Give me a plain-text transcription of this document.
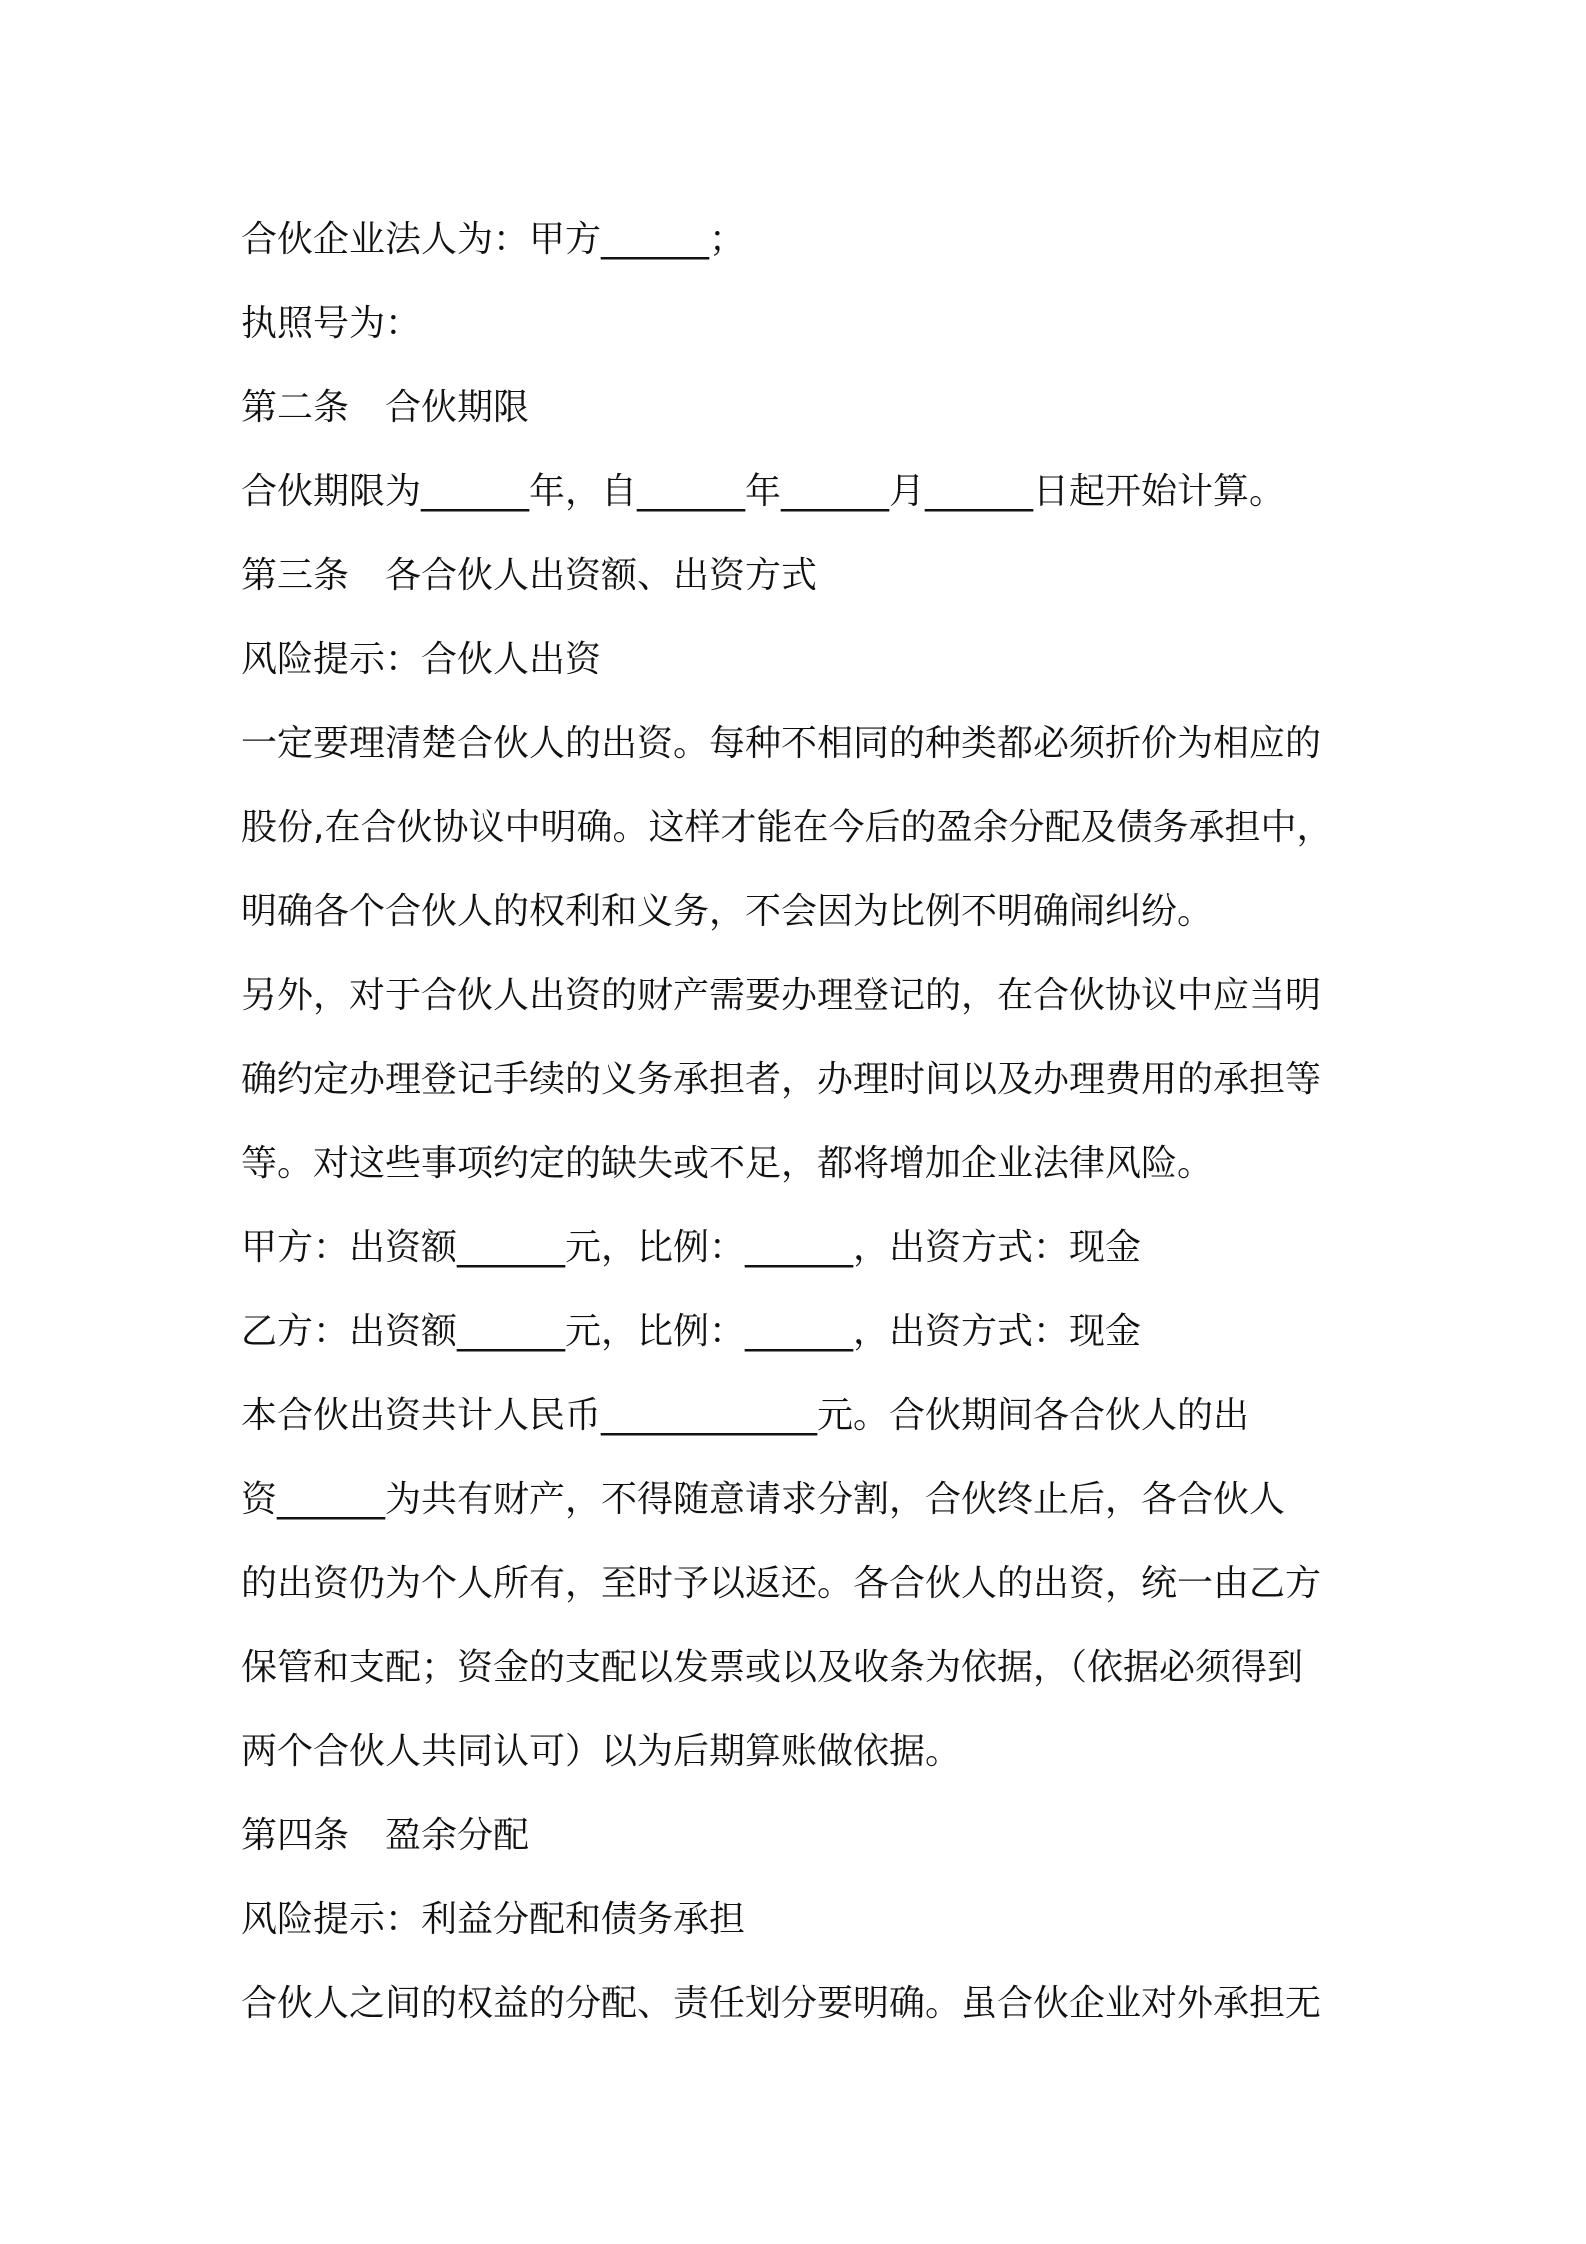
合伙企业法人为：甲方______；
执照号为：
第二条　合伙期限
合伙期限为______年，自______年______月______日起开始计算。
第三条　各合伙人出资额、出资方式
风险提示：合伙人出资
一定要理清楚合伙人的出资。每种不相同的种类都必须折价为相应的
股份,在合伙协议中明确。这样才能在今后的盈余分配及债务承担中，
明确各个合伙人的权利和义务，不会因为比例不明确闹纠纷。
另外，对于合伙人出资的财产需要办理登记的，在合伙协议中应当明
确约定办理登记手续的义务承担者，办理时间以及办理费用的承担等
等。对这些事项约定的缺失或不足，都将增加企业法律风险。
甲方：出资额______元，比例：______，出资方式：现金
乙方：出资额______元，比例：______，出资方式：现金
本合伙出资共计人民币____________元。合伙期间各合伙人的出
资______为共有财产，不得随意请求分割，合伙终止后，各合伙人
的出资仍为个人所有，至时予以返还。各合伙人的出资，统一由乙方
保管和支配；资金的支配以发票或以及收条为依据，（依据必须得到
两个合伙人共同认可）以为后期算账做依据。
第四条　盈余分配
风险提示：利益分配和债务承担
合伙人之间的权益的分配、责任划分要明确。虽合伙企业对外承担无
